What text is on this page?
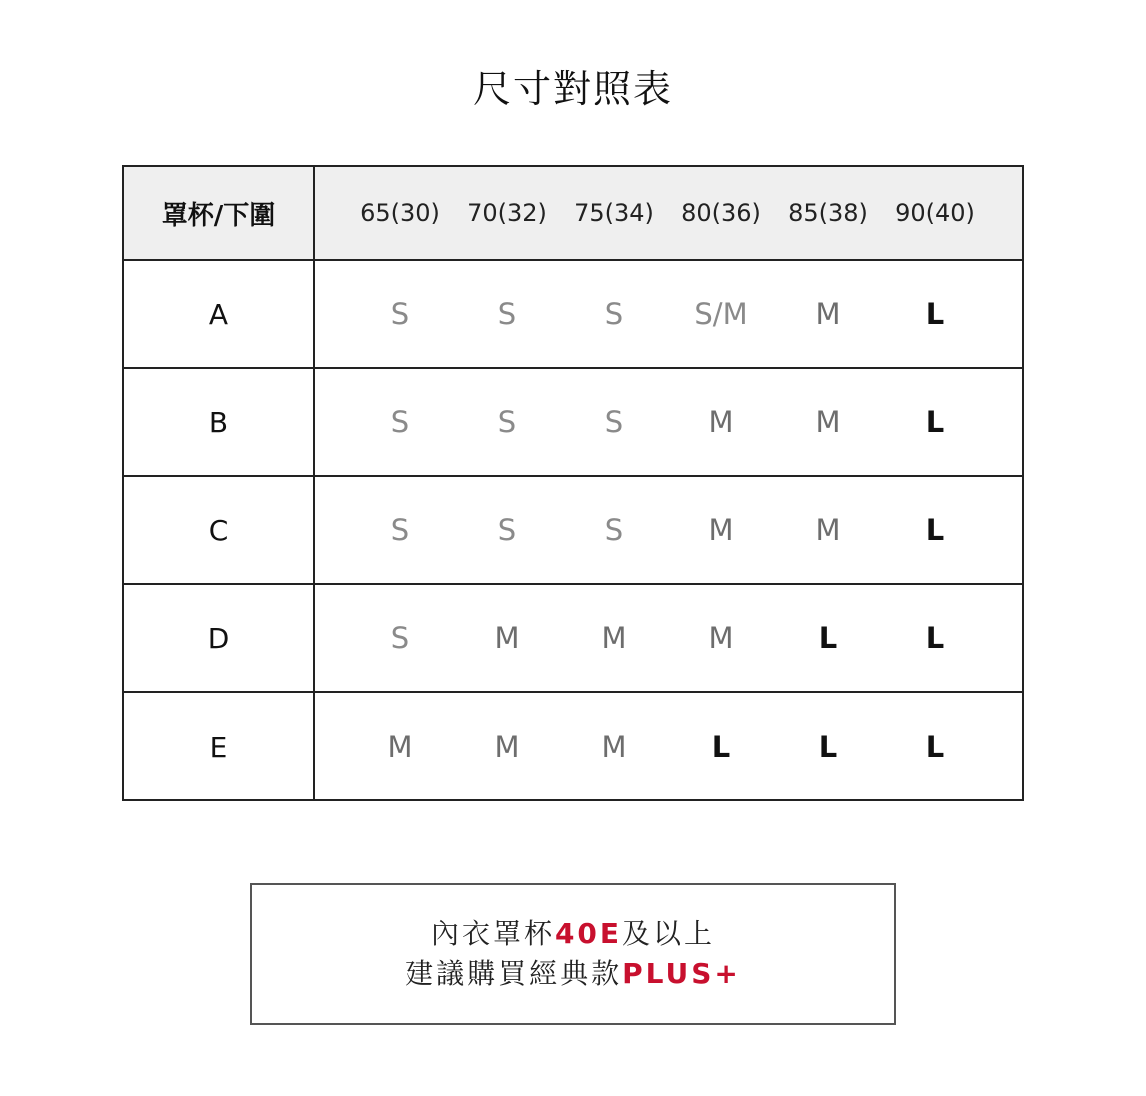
尺寸對照表
罩杯/下圍	65(30)	70(32)	75(34)	80(36)	85(38)	90(40)
A	S	S	S	S/M	M	L
B	S	S	S	M	M	L
C	S	S	S	M	M	L
D	S	M	M	M	L	L
E	M	M	M	L	L	L
內衣罩杯40E及以上
建議購買經典款PLUS+
